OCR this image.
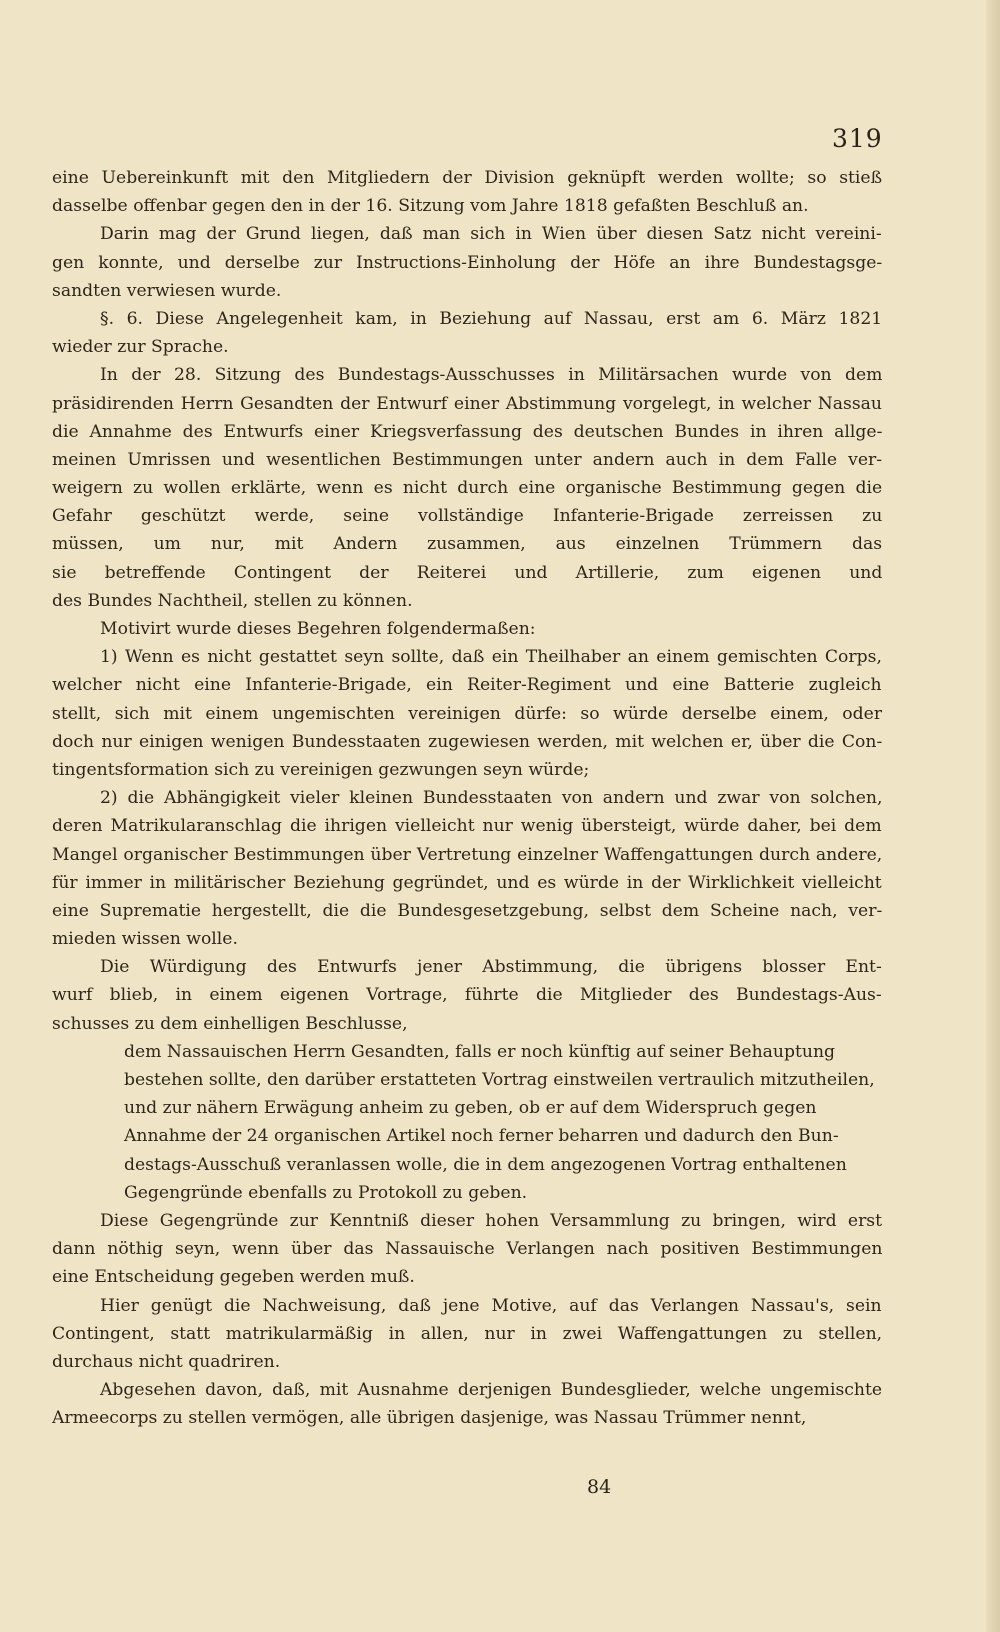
319
eine Uebereinkunft mit den Mitgliedern der Division geknüpft werden wollte; so stieß
dasselbe offenbar gegen den in der 16. Sitzung vom Jahre 1818 gefaßten Beschluß an.
Darin mag der Grund liegen, daß man sich in Wien über diesen Satz nicht vereini-
gen konnte, und derselbe zur Instructions-Einholung der Höfe an ihre Bundestagsge-
sandten verwiesen wurde.
§. 6. Diese Angelegenheit kam, in Beziehung auf Nassau, erst am 6. März 1821
wieder zur Sprache.
In der 28. Sitzung des Bundestags-Ausschusses in Militärsachen wurde von dem
präsidirenden Herrn Gesandten der Entwurf einer Abstimmung vorgelegt, in welcher Nassau
die Annahme des Entwurfs einer Kriegsverfassung des deutschen Bundes in ihren allge-
meinen Umrissen und wesentlichen Bestimmungen unter andern auch in dem Falle ver-
weigern zu wollen erklärte, wenn es nicht durch eine organische Bestimmung gegen die
Gefahr geschützt werde, seine vollständige Infanterie-Brigade zerreissen zu
müssen, um nur, mit Andern zusammen, aus einzelnen Trümmern das
sie betreffende Contingent der Reiterei und Artillerie, zum eigenen und
des Bundes Nachtheil, stellen zu können.
Motivirt wurde dieses Begehren folgendermaßen:
1) Wenn es nicht gestattet seyn sollte, daß ein Theilhaber an einem gemischten Corps,
welcher nicht eine Infanterie-Brigade, ein Reiter-Regiment und eine Batterie zugleich
stellt, sich mit einem ungemischten vereinigen dürfe: so würde derselbe einem, oder
doch nur einigen wenigen Bundesstaaten zugewiesen werden, mit welchen er, über die Con-
tingentsformation sich zu vereinigen gezwungen seyn würde;
2) die Abhängigkeit vieler kleinen Bundesstaaten von andern und zwar von solchen,
deren Matrikularanschlag die ihrigen vielleicht nur wenig übersteigt, würde daher, bei dem
Mangel organischer Bestimmungen über Vertretung einzelner Waffengattungen durch andere,
für immer in militärischer Beziehung gegründet, und es würde in der Wirklichkeit vielleicht
eine Suprematie hergestellt, die die Bundesgesetzgebung, selbst dem Scheine nach, ver-
mieden wissen wolle.
Die Würdigung des Entwurfs jener Abstimmung, die übrigens blosser Ent-
wurf blieb, in einem eigenen Vortrage, führte die Mitglieder des Bundestags-Aus-
schusses zu dem einhelligen Beschlusse,
dem Nassauischen Herrn Gesandten, falls er noch künftig auf seiner Behauptung
bestehen sollte, den darüber erstatteten Vortrag einstweilen vertraulich mitzutheilen,
und zur nähern Erwägung anheim zu geben, ob er auf dem Widerspruch gegen
Annahme der 24 organischen Artikel noch ferner beharren und dadurch den Bun-
destags-Ausschuß veranlassen wolle, die in dem angezogenen Vortrag enthaltenen
Gegengründe ebenfalls zu Protokoll zu geben.
Diese Gegengründe zur Kenntniß dieser hohen Versammlung zu bringen, wird erst
dann nöthig seyn, wenn über das Nassauische Verlangen nach positiven Bestimmungen
eine Entscheidung gegeben werden muß.
Hier genügt die Nachweisung, daß jene Motive, auf das Verlangen Nassau's, sein
Contingent, statt matrikularmäßig in allen, nur in zwei Waffengattungen zu stellen,
durchaus nicht quadriren.
Abgesehen davon, daß, mit Ausnahme derjenigen Bundesglieder, welche ungemischte
Armeecorps zu stellen vermögen, alle übrigen dasjenige, was Nassau Trümmer nennt,
84
